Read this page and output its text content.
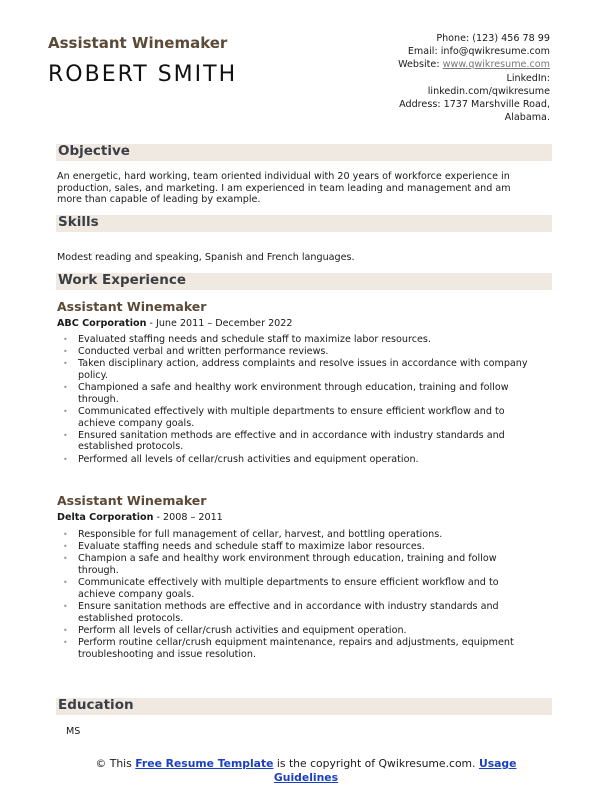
Assistant Winemaker
ROBERT SMITH
Phone: (123) 456 78 99
Email: info@qwikresume.com
Website: www.qwikresume.com
LinkedIn:
linkedin.com/qwikresume
Address: 1737 Marshville Road,
Alabama.
Objective
An energetic, hard working, team oriented individual with 20 years of workforce experience in production, sales, and marketing. I am experienced in team leading and management and am more than capable of leading by example.
Skills
Modest reading and speaking, Spanish and French languages.
Work Experience
Assistant Winemaker
ABC Corporation - June 2011 – December 2022
• Evaluated staffing needs and schedule staff to maximize labor resources.
• Conducted verbal and written performance reviews.
• Taken disciplinary action, address complaints and resolve issues in accordance with company policy.
• Championed a safe and healthy work environment through education, training and follow through.
• Communicated effectively with multiple departments to ensure efficient workflow and to achieve company goals.
• Ensured sanitation methods are effective and in accordance with industry standards and established protocols.
• Performed all levels of cellar/crush activities and equipment operation.
Assistant Winemaker
Delta Corporation - 2008 – 2011
• Responsible for full management of cellar, harvest, and bottling operations.
• Evaluate staffing needs and schedule staff to maximize labor resources.
• Champion a safe and healthy work environment through education, training and follow through.
• Communicate effectively with multiple departments to ensure efficient workflow and to achieve company goals.
• Ensure sanitation methods are effective and in accordance with industry standards and established protocols.
• Perform all levels of cellar/crush activities and equipment operation.
• Perform routine cellar/crush equipment maintenance, repairs and adjustments, equipment troubleshooting and issue resolution.
Education
MS
© This Free Resume Template is the copyright of Qwikresume.com. Usage Guidelines
